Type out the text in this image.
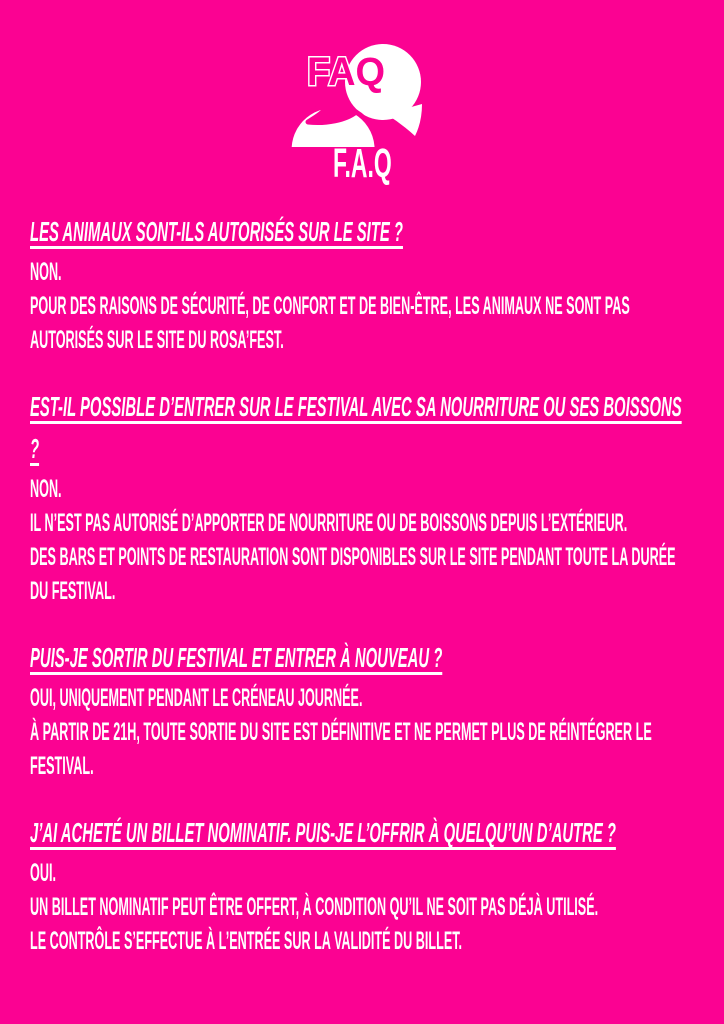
FAQ
F.A.Q
LES ANIMAUX SONT-ILS AUTORISÉS SUR LE SITE ?

NON.

POUR DES RAISONS DE SÉCURITÉ, DE CONFORT ET DE BIEN-ÊTRE, LES ANIMAUX NE SONT PAS AUTORISÉS SUR LE SITE DU ROSA’FEST.

EST-IL POSSIBLE D’ENTRER SUR LE FESTIVAL AVEC SA NOURRITURE OU SES BOISSONS ?

NON.

IL N’EST PAS AUTORISÉ D’APPORTER DE NOURRITURE OU DE BOISSONS DEPUIS L’EXTÉRIEUR.

DES BARS ET POINTS DE RESTAURATION SONT DISPONIBLES SUR LE SITE PENDANT TOUTE LA DURÉE DU FESTIVAL.

PUIS-JE SORTIR DU FESTIVAL ET ENTRER À NOUVEAU ?

OUI, UNIQUEMENT PENDANT LE CRÉNEAU JOURNÉE.

À PARTIR DE 21H, TOUTE SORTIE DU SITE EST DÉFINITIVE ET NE PERMET PLUS DE RÉINTÉGRER LE FESTIVAL.

J’AI ACHETÉ UN BILLET NOMINATIF. PUIS-JE L’OFFRIR À QUELQU’UN D’AUTRE ?

OUI.

UN BILLET NOMINATIF PEUT ÊTRE OFFERT, À CONDITION QU’IL NE SOIT PAS DÉJÀ UTILISÉ.

LE CONTRÔLE S’EFFECTUE À L’ENTRÉE SUR LA VALIDITÉ DU BILLET.
